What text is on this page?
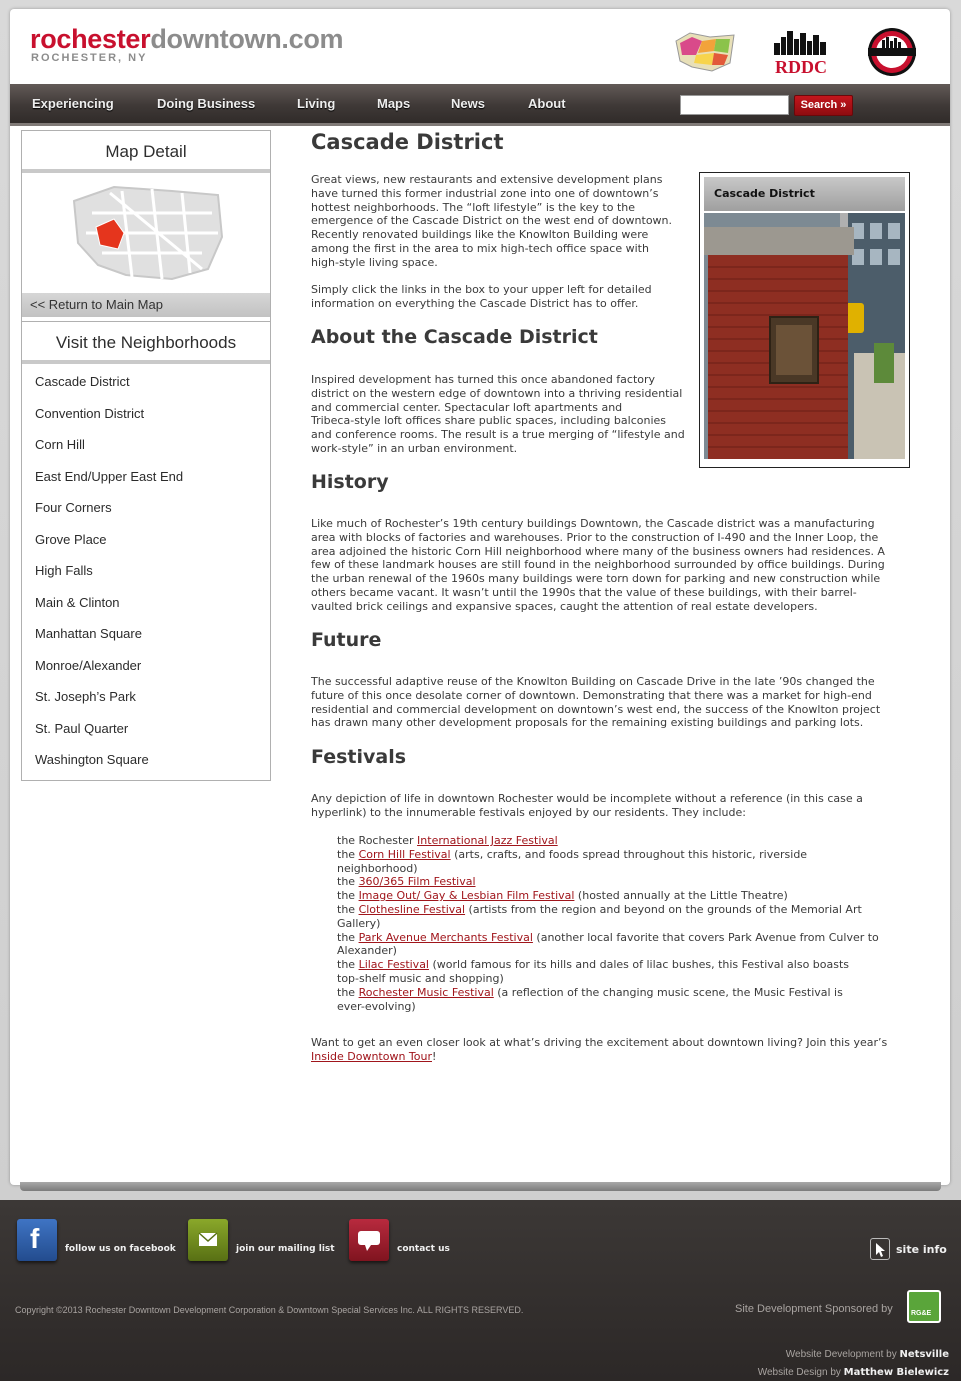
rochesterdowntown.com
ROCHESTER, NY	RDDC
Experiencing	Doing Business	Living	Maps	News	About	Search »
Map Detail
<< Return to Main Map
Visit the Neighborhoods
Cascade District
Convention District
Corn Hill
East End/Upper East End
Four Corners
Grove Place
High Falls
Main & Clinton
Manhattan Square
Monroe/Alexander
St. Joseph’s Park
St. Paul Quarter
Washington Square
Cascade District
Great views, new restaurants and extensive development plans
have turned this former industrial zone into one of downtown’s
hottest neighborhoods. The “loft lifestyle” is the key to the
emergence of the Cascade District on the west end of downtown.
Recently renovated buildings like the Knowlton Building were
among the first in the area to mix high-tech office space with
high-style living space.
Simply click the links in the box to your upper left for detailed
information on everything the Cascade District has to offer.
Cascade District
About the Cascade District
Inspired development has turned this once abandoned factory
district on the western edge of downtown into a thriving residential
and commercial center. Spectacular loft apartments and
Tribeca-style loft offices share public spaces, including balconies
and conference rooms. The result is a true merging of “lifestyle and
work-style” in an urban environment.
History
Like much of Rochester’s 19th century buildings Downtown, the Cascade district was a manufacturing
area with blocks of factories and warehouses. Prior to the construction of I-490 and the Inner Loop, the
area adjoined the historic Corn Hill neighborhood where many of the business owners had residences. A
few of these landmark houses are still found in the neighborhood surrounded by office buildings. During
the urban renewal of the 1960s many buildings were torn down for parking and new construction while
others became vacant. It wasn’t until the 1990s that the value of these buildings, with their barrel-
vaulted brick ceilings and expansive spaces, caught the attention of real estate developers.
Future
The successful adaptive reuse of the Knowlton Building on Cascade Drive in the late ’90s changed the
future of this once desolate corner of downtown. Demonstrating that there was a market for high-end
residential and commercial development on downtown’s west end, the success of the Knowlton project
has drawn many other development proposals for the remaining existing buildings and parking lots.
Festivals
Any depiction of life in downtown Rochester would be incomplete without a reference (in this case a
hyperlink) to the innumerable festivals enjoyed by our residents. They include:
the Rochester International Jazz Festival
the Corn Hill Festival (arts, crafts, and foods spread throughout this historic, riverside
neighborhood)
the 360/365 Film Festival
the Image Out/ Gay & Lesbian Film Festival (hosted annually at the Little Theatre)
the Clothesline Festival (artists from the region and beyond on the grounds of the Memorial Art
Gallery)
the Park Avenue Merchants Festival (another local favorite that covers Park Avenue from Culver to
Alexander)
the Lilac Festival (world famous for its hills and dales of lilac bushes, this Festival also boasts
top-shelf music and shopping)
the Rochester Music Festival (a reflection of the changing music scene, the Music Festival is
ever-evolving)
Want to get an even closer look at what’s driving the excitement about downtown living? Join this year’s
Inside Downtown Tour!
f	follow us on facebook	join our mailing list	contact us	site info
Copyright ©2013 Rochester Downtown Development Corporation & Downtown Special Services Inc. ALL RIGHTS RESERVED.	Site Development Sponsored by	RG&E
Website Development by Netsville
Website Design by Matthew Bielewicz
